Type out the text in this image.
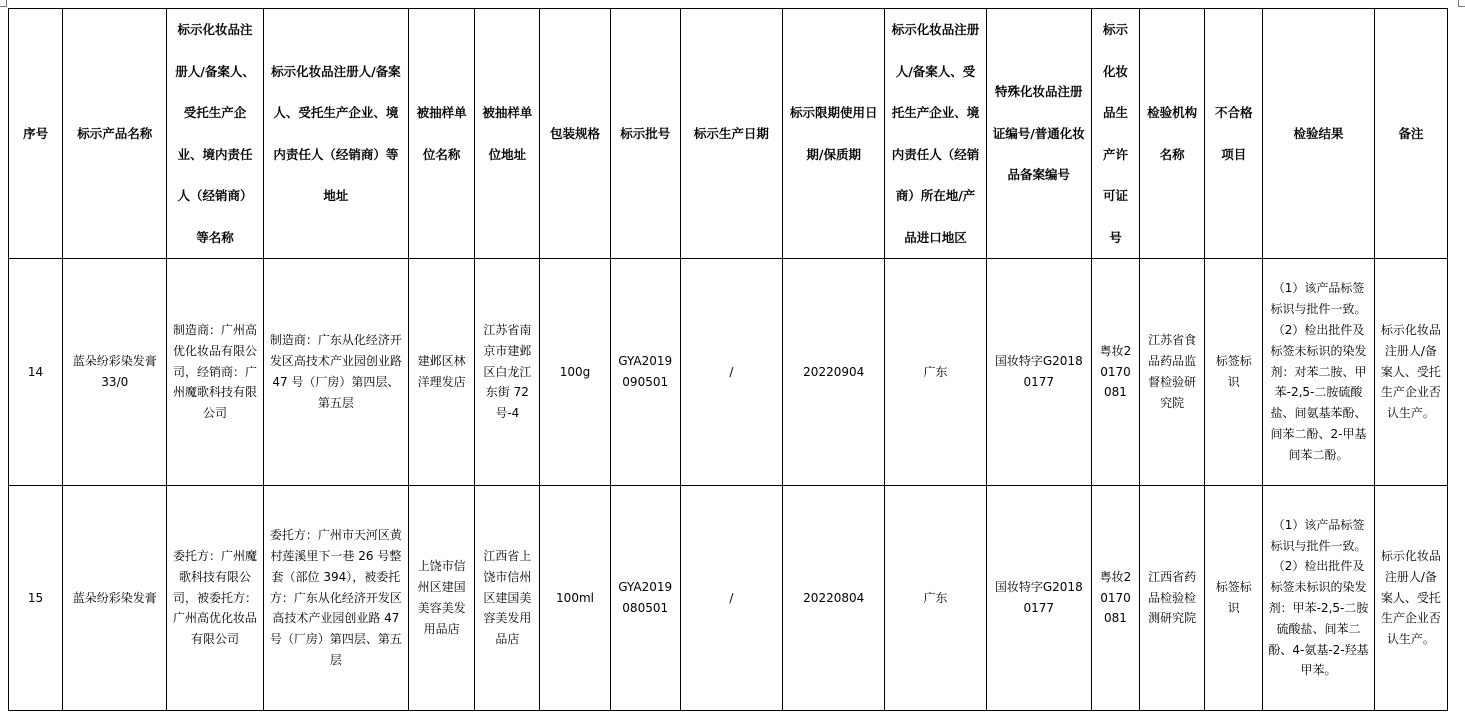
序号	标示产品名称	标示化妆品注册人/备案人、受托生产企业、境内责任人（经销商）等名称	标示化妆品注册人/备案人、受托生产企业、境内责任人（经销商）等地址	被抽样单位名称	被抽样单位地址	包装规格	标示批号	标示生产日期	标示限期使用日期/保质期	标示化妆品注册人/备案人、受托生产企业、境内责任人（经销商）所在地/产品进口地区	特殊化妆品注册证编号/普通化妆品备案编号	标示化妆品生产许可证号	检验机构名称	不合格项目	检验结果	备注
14	蓝朵纷彩染发膏 33/0	制造商：广州高优化妆品有限公司，经销商：广州魔歌科技有限公司	制造商：广东从化经济开发区高技术产业园创业路 47 号（厂房）第四层、第五层	建邺区林洋理发店	江苏省南京市建邺区白龙江东街 72 号-4	100g	GYA2019090501	/	20220904	广东	国妆特字G20180177	粤妆20170081	江苏省食品药品监督检验研究院	标签标识	（1）该产品标签标识与批件一致。（2）检出批件及标签未标识的染发剂：对苯二胺、甲苯-2,5-二胺硫酸盐、间氨基苯酚、间苯二酚、2-甲基间苯二酚。	标示化妆品注册人/备案人、受托生产企业否认生产。
15	蓝朵纷彩染发膏	委托方：广州魔歌科技有限公司，被委托方：广州高优化妆品有限公司	委托方：广州市天河区黄村莲溪里下一巷 26 号整套（部位 394），被委托方：广东从化经济开发区高技术产业园创业路 47 号（厂房）第四层、第五层	上饶市信州区建国美容美发用品店	江西省上饶市信州区建国美容美发用品店	100ml	GYA2019080501	/	20220804	广东	国妆特字G20180177	粤妆20170081	江西省药品检验检测研究院	标签标识	（1）该产品标签标识与批件一致。（2）检出批件及标签未标识的染发剂：甲苯-2,5-二胺硫酸盐、间苯二酚、4-氨基-2-羟基甲苯。	标示化妆品注册人/备案人、受托生产企业否认生产。
